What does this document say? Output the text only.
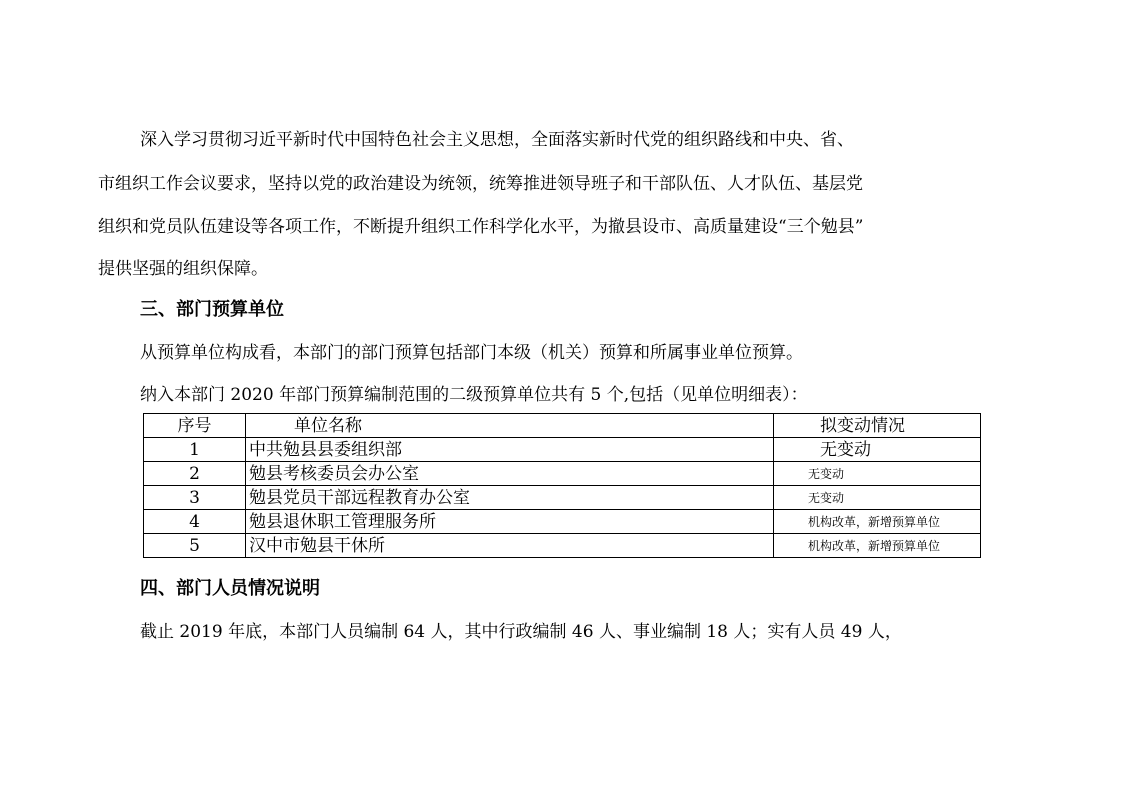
深入学习贯彻习近平新时代中国特色社会主义思想，全面落实新时代党的组织路线和中央、省、
市组织工作会议要求，坚持以党的政治建设为统领，统筹推进领导班子和干部队伍、人才队伍、基层党
组织和党员队伍建设等各项工作，不断提升组织工作科学化水平，为撤县设市、高质量建设“三个勉县”
提供坚强的组织保障。
三、部门预算单位
从预算单位构成看，本部门的部门预算包括部门本级（机关）预算和所属事业单位预算。
纳入本部门 2020 年部门预算编制范围的二级预算单位共有 5 个,包括（见单位明细表）：
序号	单位名称	拟变动情况
1	中共勉县县委组织部	无变动
2	勉县考核委员会办公室	无变动
3	勉县党员干部远程教育办公室	无变动
4	勉县退休职工管理服务所	机构改革，新增预算单位
5	汉中市勉县干休所	机构改革，新增预算单位
四、部门人员情况说明
截止 2019 年底，本部门人员编制 64 人，其中行政编制 46 人、事业编制 18 人；实有人员 49 人，
